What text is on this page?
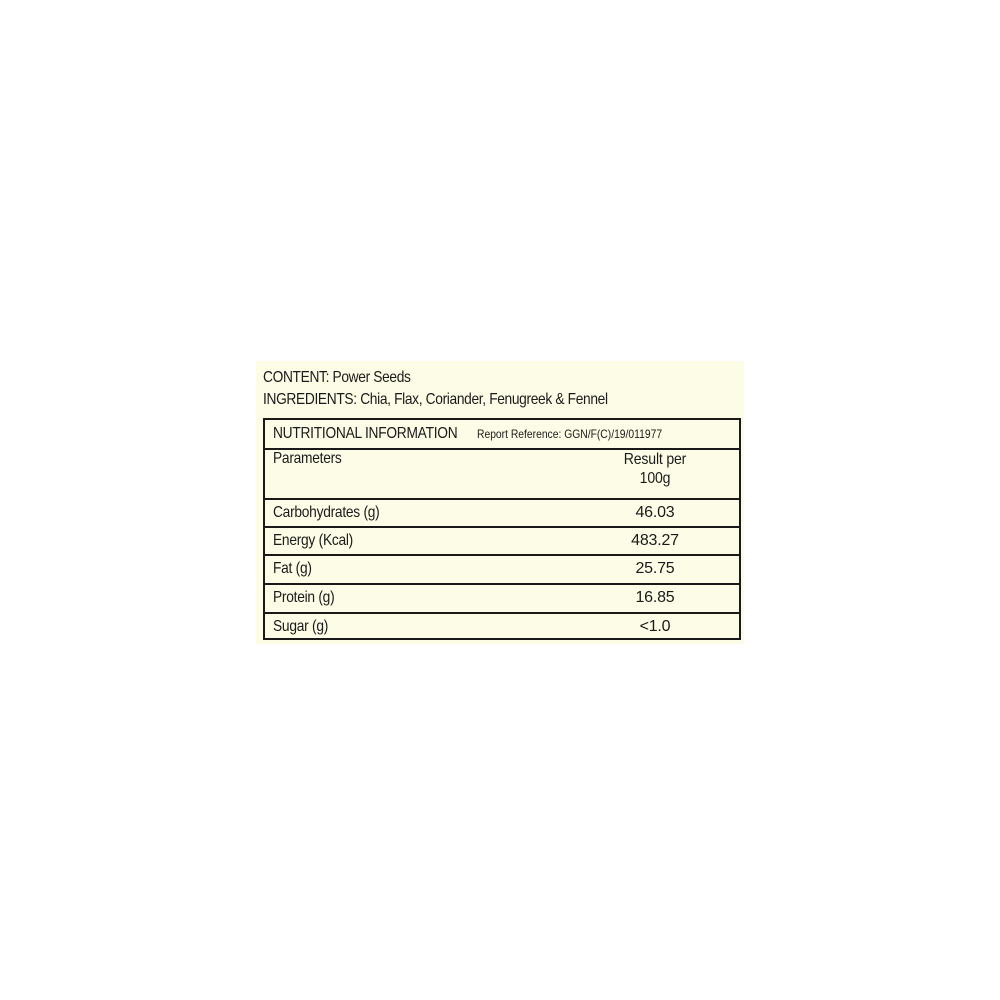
CONTENT: Power Seeds
INGREDIENTS: Chia, Flax, Coriander, Fenugreek & Fennel
NUTRITIONAL INFORMATION Report Reference: GGN/F(C)/19/011977
Parameters	Result per
100g
Carbohydrates (g)	46.03
Energy (Kcal)	483.27
Fat (g)	25.75
Protein (g)	16.85
Sugar (g)	<1.0
